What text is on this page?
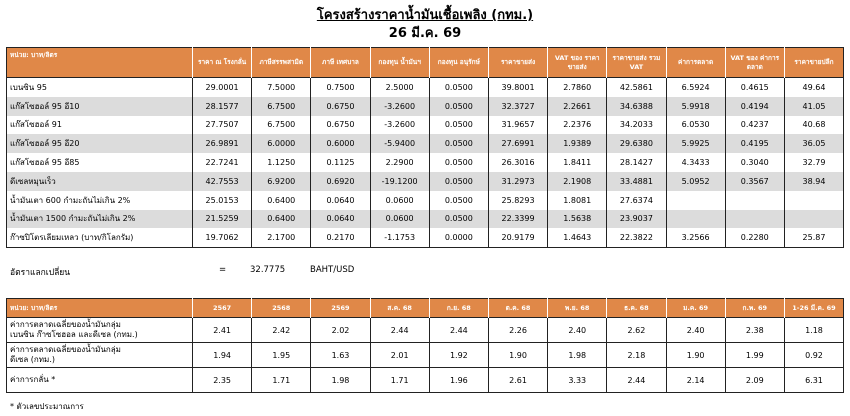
โครงสร้างราคาน้ำมันเชื้อเพลิง (กทม.)
26 มี.ค. 69
หน่วย: บาท/ลิตร	ราคา ณ โรงกลั่น	ภาษีสรรพสามิต	ภาษี เทศบาล	กองทุน น้ำมันฯ	กองทุน อนุรักษ์	ราคาขายส่ง	VAT ของ ราคาขายส่ง	ราคาขายส่ง รวม VAT	ค่าการตลาด	VAT ของ ค่าการตลาด	ราคาขายปลีก
เบนซิน 95	29.0001	7.5000	0.7500	2.5000	0.0500	39.8001	2.7860	42.5861	6.5924	0.4615	49.64
แก๊สโซฮอล์ 95 อี10	28.1577	6.7500	0.6750	-3.2600	0.0500	32.3727	2.2661	34.6388	5.9918	0.4194	41.05
แก๊สโซฮอล์ 91	27.7507	6.7500	0.6750	-3.2600	0.0500	31.9657	2.2376	34.2033	6.0530	0.4237	40.68
แก๊สโซฮอล์ 95 อี20	26.9891	6.0000	0.6000	-5.9400	0.0500	27.6991	1.9389	29.6380	5.9925	0.4195	36.05
แก๊สโซฮอล์ 95 อี85	22.7241	1.1250	0.1125	2.2900	0.0500	26.3016	1.8411	28.1427	4.3433	0.3040	32.79
ดีเซลหมุนเร็ว	42.7553	6.9200	0.6920	-19.1200	0.0500	31.2973	2.1908	33.4881	5.0952	0.3567	38.94
น้ำมันเตา 600 กำมะถันไม่เกิน 2%	25.0153	0.6400	0.0640	0.0600	0.0500	25.8293	1.8081	27.6374			
น้ำมันเตา 1500 กำมะถันไม่เกิน 2%	21.5259	0.6400	0.0640	0.0600	0.0500	22.3399	1.5638	23.9037			
ก๊าซปิโตรเลียมเหลว (บาท/กิโลกรัม)	19.7062	2.1700	0.2170	-1.1753	0.0000	20.9179	1.4643	22.3822	3.2566	0.2280	25.87
อัตราแลกเปลี่ยน	=	32.7775	BAHT/USD
หน่วย: บาท/ลิตร	2567	2568	2569	ส.ค. 68	ก.ย. 68	ต.ค. 68	พ.ย. 68	ธ.ค. 68	ม.ค. 69	ก.พ. 69	1-26 มี.ค. 69

ค่าการตลาดเฉลี่ยของน้ำมันกลุ่ม
เบนซิน ก๊าซโซฮอล และดีเซล (กทม.)	2.41	2.42	2.02	2.44	2.44	2.26	2.40	2.62	2.40	2.38	1.18

ค่าการตลาดเฉลี่ยของน้ำมันกลุ่ม
ดีเซล (กทม.)	1.94	1.95	1.63	2.01	1.92	1.90	1.98	2.18	1.90	1.99	0.92

ค่าการกลั่น *	2.35	1.71	1.98	1.71	1.96	2.61	3.33	2.44	2.14	2.09	6.31
* ตัวเลขประมาณการ
